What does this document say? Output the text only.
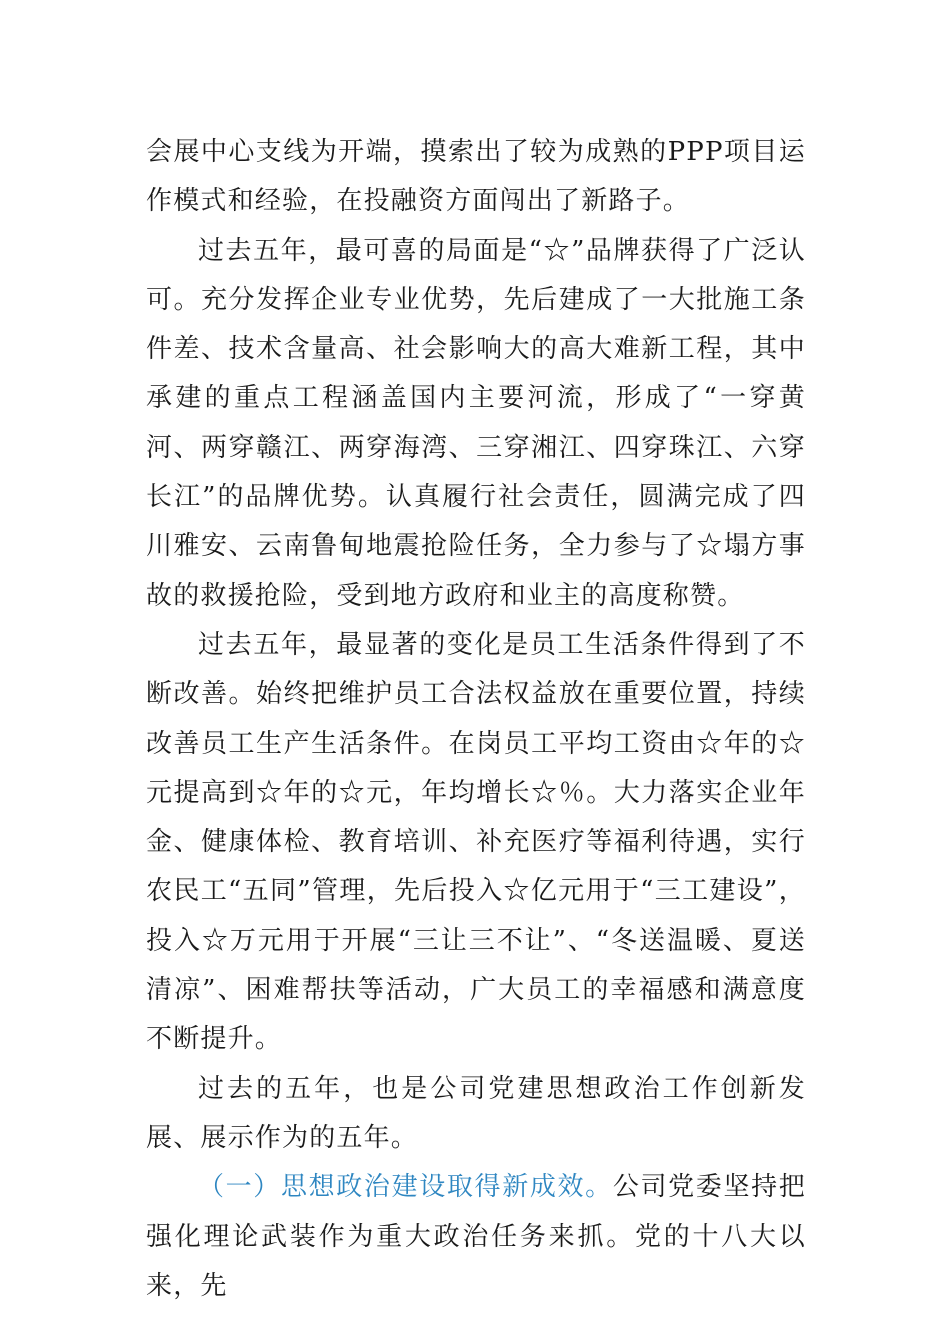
会展中心支线为开端，摸索出了较为成熟的PPP项目运作模式和经验，在投融资方面闯出了新路子。

过去五年，最可喜的局面是“☆”品牌获得了广泛认可。充分发挥企业专业优势，先后建成了一大批施工条件差、技术含量高、社会影响大的高大难新工程，其中承建的重点工程涵盖国内主要河流，形成了“一穿黄河、两穿赣江、两穿海湾、三穿湘江、四穿珠江、六穿长江”的品牌优势。认真履行社会责任，圆满完成了四川雅安、云南鲁甸地震抢险任务，全力参与了☆塌方事故的救援抢险，受到地方政府和业主的高度称赞。

过去五年，最显著的变化是员工生活条件得到了不断改善。始终把维护员工合法权益放在重要位置，持续改善员工生产生活条件。在岗员工平均工资由☆年的☆元提高到☆年的☆元，年均增长☆％。大力落实企业年金、健康体检、教育培训、补充医疗等福利待遇，实行农民工“五同”管理，先后投入☆亿元用于“三工建设”，投入☆万元用于开展“三让三不让”、“冬送温暖、夏送清凉”、困难帮扶等活动，广大员工的幸福感和满意度不断提升。

过去的五年，也是公司党建思想政治工作创新发展、展示作为的五年。

（一）思想政治建设取得新成效。公司党委坚持把强化理论武装作为重大政治任务来抓。党的十八大以来，先
